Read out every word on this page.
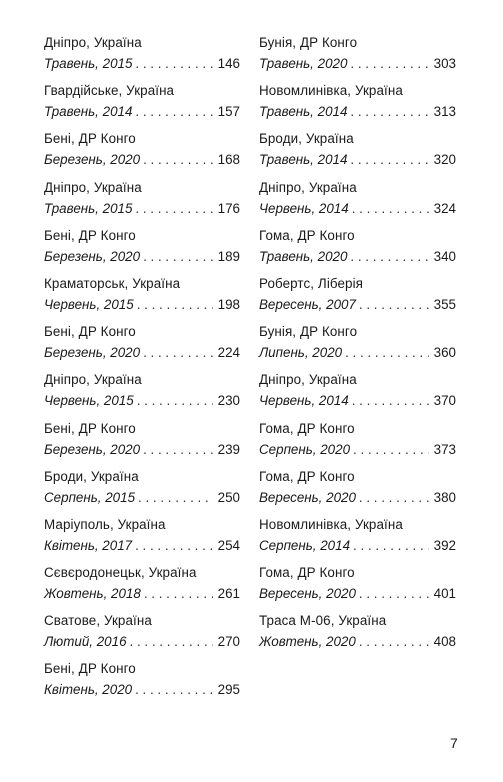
Дніпро, Україна
Травень, 2015 . . .	146
Гвардійське, Україна
Травень, 2014 . . .	157
Бені, ДР Конго
Березень, 2020 . . .	168
Дніпро, Україна
Травень, 2015 . . .	176
Бені, ДР Конго
Березень, 2020 . . .	189
Краматорськ, Україна
Червень, 2015 . . .	198
Бені, ДР Конго
Березень, 2020 . . .	224
Дніпро, Україна
Червень, 2015 . . .	230
Бені, ДР Конго
Березень, 2020 . . .	239
Броди, Україна
Серпень, 2015 . . .	250
Маріуполь, Україна
Квітень, 2017 . . .	254
Сєвєродонецьк, Україна
Жовтень, 2018 . . .	261
Сватове, Україна
Лютий, 2016 . . .	270
Бені, ДР Конго
Квітень, 2020 . . .	295
Бунія, ДР Конго
Травень, 2020 . . .	303
Новомлинівка, Україна
Травень, 2014 . . .	313
Броди, Україна
Травень, 2014 . . .	320
Дніпро, Україна
Червень, 2014 . . .	324
Гома, ДР Конго
Травень, 2020 . . .	340
Робертс, Ліберія
Вересень, 2007 . . .	355
Бунія, ДР Конго
Липень, 2020 . . .	360
Дніпро, Україна
Червень, 2014 . . .	370
Гома, ДР Конго
Серпень, 2020 . . .	373
Гома, ДР Конго
Вересень, 2020 . . .	380
Новомлинівка, Україна
Серпень, 2014 . . .	392
Гома, ДР Конго
Вересень, 2020 . . .	401
Траса М-06, Україна
Жовтень, 2020 . . .	408
7
